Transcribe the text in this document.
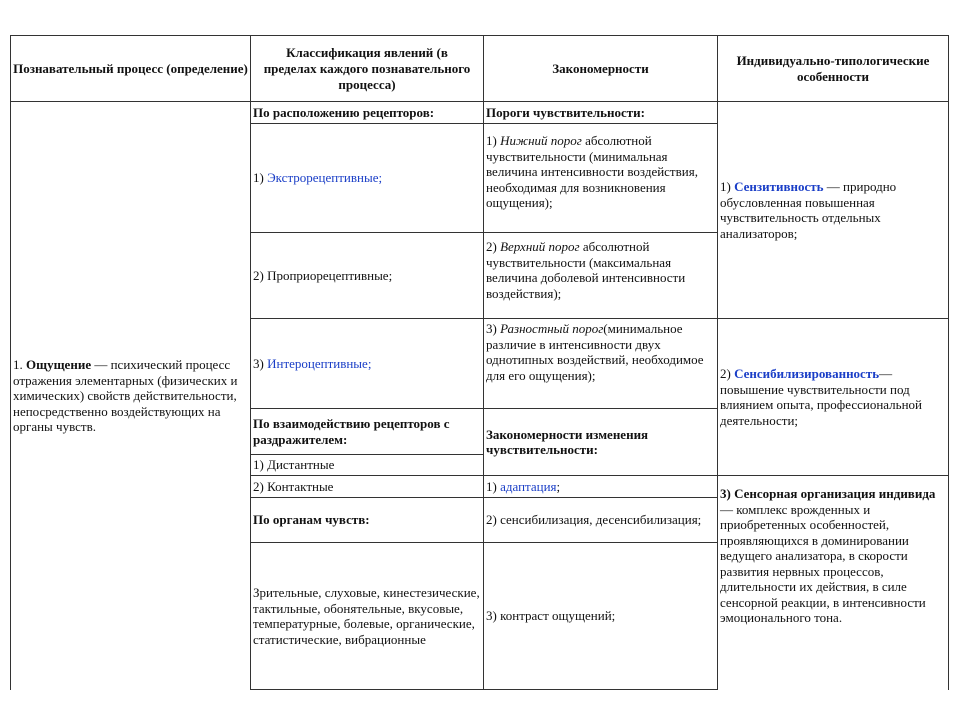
Познавательный процесс (определение)
Классификация явлений (в пределах каждого познавательного процесса)
Закономерности
Индивидуально-типологические особенности
1. Ощущение — психический процесс отражения элементарных (физических и химических) свойств действительности, непосредственно воздействующих на органы чувств.
По расположению рецепторов:
1) Экстрорецептивные;
2) Проприорецептивные;
3) Интероцептивные;
По взаимодействию рецепторов с раздражителем:
1) Дистантные
2) Контактные
По органам чувств:
Зрительные, слуховые, кинестезические, тактильные, обонятельные, вкусовые, температурные, болевые, органические, статистические, вибрационные
Пороги чувствительности:
1) Нижний порог абсолютной чувствительности (минимальная величина интенсивности воздействия, необходимая для возникновения ощущения);
2) Верхний порог абсолютной чувствительности (максимальная величина доболевой интенсивности воздействия);
3) Разностный порог(минимальное различие в интенсивности двух однотипных воздействий, необходимое для его ощущения);
Закономерности изменения чувствительности:
1) адаптация;
2) сенсибилизация, десенсибилизация;
3) контраст ощущений;
1) Сензитивность — природно обусловленная повышенная чувствительность отдельных анализаторов;
2) Сенсибилизированность— повышение чувствительности под влиянием опыта, профессиональной деятельности;
3) Сенсорная организация индивида — комплекс врожденных и приобретенных особенностей, проявляющихся в доминировании ведущего анализатора, в скорости развития нервных процессов, длительности их действия, в силе сенсорной реакции, в интенсивности эмоционального тона.
